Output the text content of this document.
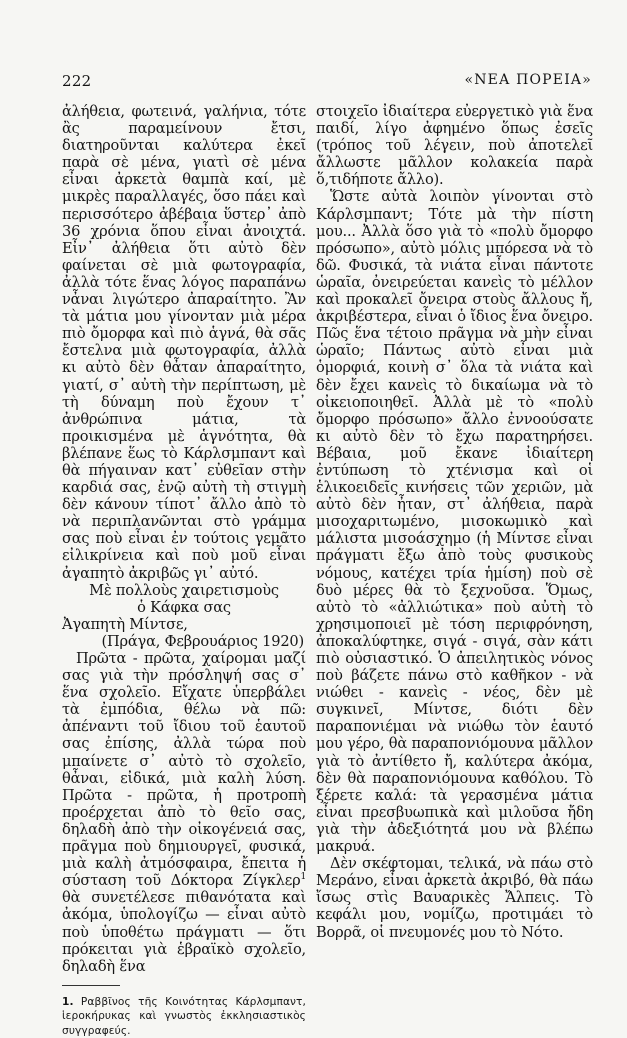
222	«ΝΕΑ ΠΟΡΕΙΑ»

ἀλήθεια, φωτεινά, γαλήνια, τότε ἂς παραμείνουν ἔτσι, διατηροῦνται καλύτερα ἐκεῖ παρὰ σὲ μένα, γιατὶ σὲ μένα εἶναι ἀρκετὰ θαμπὰ καί, μὲ μικρὲς παραλλαγές, ὅσο πάει καὶ περισσότερο ἀβέβαια ὕστερ᾿ ἀπὸ 36 χρόνια ὅπου εἶναι ἀνοιχτά. Εἶν᾿ ἀλήθεια ὅτι αὐτὸ δὲν φαίνεται σὲ μιὰ φωτογραφία, ἀλλὰ τότε ἕνας λόγος παραπάνω νἆναι λιγώτερο ἀπαραίτητο. Ἂν τὰ μάτια μου γίνονταν μιὰ μέρα πιὸ ὄμορφα καὶ πιὸ ἁγνά, θὰ σᾶς ἔστελνα μιὰ φωτογραφία, ἀλλὰ κι αὐτὸ δὲν θἆταν ἀπαραίτητο, γιατί, σ᾿ αὐτὴ τὴν περίπτωση, μὲ τὴ δύναμη ποὺ ἔχουν τ᾿ ἀνθρώπινα μάτια, τὰ προικισμένα μὲ ἁγνότητα, θὰ βλέπανε ἕως τὸ Κάρλσμπαντ καὶ θὰ πήγαιναν κατ᾿ εὐθεῖαν στὴν καρδιά σας, ἐνῷ αὐτὴ τὴ στιγμὴ δὲν κάνουν τίποτ᾿ ἄλλο ἀπὸ τὸ νὰ περιπλανῶνται στὸ γράμμα σας ποὺ εἶναι ἐν τούτοις γεμᾶτο εἰλικρίνεια καὶ ποὺ μοῦ εἶναι ἀγαπητὸ ἀκριβῶς γι᾿ αὐτό.

Μὲ πολλοὺς χαιρετισμοὺς

ὁ Κάφκα σας

Ἀγαπητὴ Μίντσε,

(Πράγα, Φεβρουάριος 1920)

Πρῶτα - πρῶτα, χαίρομαι μαζί σας γιὰ τὴν πρόσληψή σας σ᾿ ἕνα σχολεῖο. Εἴχατε ὑπερβάλει τὰ ἐμπόδια, θέλω νὰ πῶ: ἀπέναντι τοῦ ἴδιου τοῦ ἑαυτοῦ σας ἐπίσης, ἀλλὰ τώρα ποὺ μπαίνετε σ᾿ αὐτὸ τὸ σχολεῖο, θἆναι, εἰδικά, μιὰ καλὴ λύση. Πρῶτα - πρῶτα, ἡ προτροπὴ προέρχεται ἀπὸ τὸ θεῖο σας, δηλαδὴ ἀπὸ τὴν οἰκογένειά σας, πρᾶγμα ποὺ δημιουργεῖ, φυσικά, μιὰ καλὴ ἀτμόσφαιρα, ἔπειτα ἡ σύσταση τοῦ Δόκτορα Ζίγκλερ$^1$ θὰ συνετέλεσε πιθανότατα καὶ ἀκόμα, ὑπολογίζω — εἶναι αὐτὸ ποὺ ὑποθέτω πράγματι — ὅτι πρόκειται γιὰ ἑβραϊκὸ σχολεῖο, δηλαδὴ ἕνα

1. Ραββῖνος τῆς Κοινότητας Κάρλσμπαντ, ἱεροκήρυκας καὶ γνωστὸς ἐκκλησιαστικὸς συγγραφεύς.

στοιχεῖο ἰδιαίτερα εὐεργετικὸ γιὰ ἕνα παιδί, λίγο ἀφημένο ὅπως ἐσεῖς (τρόπος τοῦ λέγειν, ποὺ ἀποτελεῖ ἄλλωστε μᾶλλον κολακεία παρὰ ὅ,τιδήποτε ἄλλο).

Ὥστε αὐτὰ λοιπὸν γίνονται στὸ Κάρλσμπαντ; Τότε μὰ τὴν πίστη μου... Ἀλλὰ ὅσο γιὰ τὸ «πολὺ ὄμορφο πρόσωπο», αὐτὸ μόλις μπόρεσα νὰ τὸ δῶ. Φυσικά, τὰ νιάτα εἶναι πάντοτε ὡραῖα, ὀνειρεύεται κανεὶς τὸ μέλλον καὶ προκαλεῖ ὄνειρα στοὺς ἄλλους ἤ, ἀκριβέστερα, εἶναι ὁ ἴδιος ἕνα ὄνειρο. Πῶς ἕνα τέτοιο πρᾶγμα νὰ μὴν εἶναι ὡραῖο; Πάντως αὐτὸ εἶναι μιὰ ὁμορφιά, κοινὴ σ᾿ ὅλα τὰ νιάτα καὶ δὲν ἔχει κανεὶς τὸ δικαίωμα νὰ τὸ οἰκειοποιηθεῖ. Ἀλλὰ μὲ τὸ «πολὺ ὄμορφο πρόσωπο» ἄλλο ἐννοούσατε κι αὐτὸ δὲν τὸ ἔχω παρατηρήσει. Βέβαια, μοῦ ἔκανε ἰδιαίτερη ἐντύπωση τὸ χτένισμα καὶ οἱ ἑλικοειδεῖς κινήσεις τῶν χεριῶν, μὰ αὐτὸ δὲν ἦταν, στ᾿ ἀλήθεια, παρὰ μισοχαριτωμένο, μισοκωμικὸ καὶ μάλιστα μισοάσχημο (ἡ Μίντσε εἶναι πράγματι ἔξω ἀπὸ τοὺς φυσικοὺς νόμους, κατέχει τρία ἡμίση) ποὺ σὲ δυὸ μέρες θὰ τὸ ξεχνοῦσα. Ὅμως, αὐτὸ τὸ «ἀλλιώτικα» ποὺ αὐτὴ τὸ χρησιμοποιεῖ μὲ τόση περιφρόνηση, ἀποκαλύφτηκε, σιγά - σιγά, σὰν κάτι πιὸ οὐσιαστικό. Ὁ ἀπειλητικὸς νόνος ποὺ βάζετε πάνω στὸ καθῆκον - νὰ νιώθει - κανεὶς - νέος, δὲν μὲ συγκινεῖ, Μίντσε, διότι δὲν παραπονιέμαι νὰ νιώθω τὸν ἑαυτό μου γέρο, θὰ παραπονιόμουνα μᾶλλον γιὰ τὸ ἀντίθετο ἤ, καλύτερα ἀκόμα, δὲν θὰ παραπονιόμουνα καθόλου. Τὸ ξέρετε καλά: τὰ γερασμένα μάτια εἶναι πρεσβυωπικὰ καὶ μιλοῦσα ἤδη γιὰ τὴν ἀδεξιότητά μου νὰ βλέπω μακρυά.

Δὲν σκέφτομαι, τελικά, νὰ πάω στὸ Μεράνο, εἶναι ἀρκετὰ ἀκριβό, θὰ πάω ἴσως στὶς Βαυαρικὲς Ἄλπεις. Τὸ κεφάλι μου, νομίζω, προτιμάει τὸ Βορρᾶ, οἱ πνευμονές μου τὸ Νότο.
